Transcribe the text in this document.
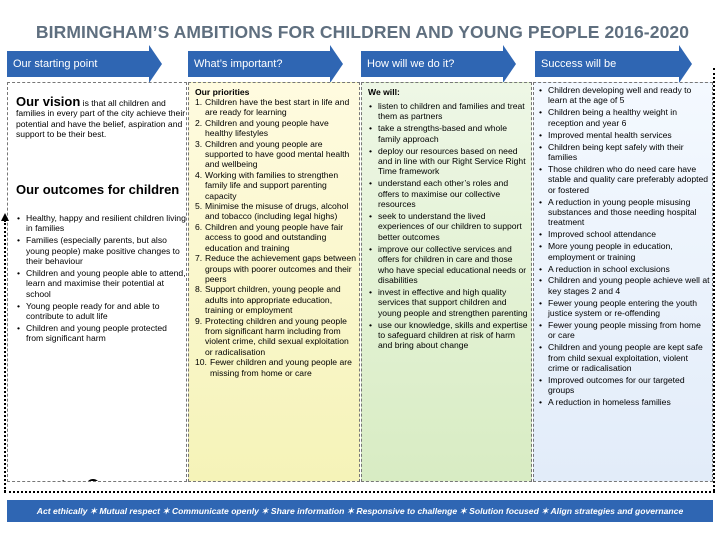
BIRMINGHAM’S AMBITIONS FOR CHILDREN AND YOUNG PEOPLE 2016-2020
Our starting point	What’s important?	How will we do it?	Success will be
Our vision is that all children and families in every part of the city achieve their potential and have the belief, aspiration and support to be their best.
Our outcomes for children
• Healthy, happy and resilient children living in families
• Families (especially parents, but also young people) make positive changes to their behaviour
• Children and young people able to attend, learn and maximise their potential at school
• Young people ready for and able to contribute to adult life
• Children and young people protected from significant harm
Our priorities
1. Children have the best start in life and are ready for learning
2. Children and young people have healthy lifestyles
3. Children and young people are supported to have good mental health and wellbeing
4. Working with families to strengthen family life and support parenting capacity
5. Minimise the misuse of drugs, alcohol and tobacco (including legal highs)
6. Children and young people have fair access to good and outstanding education and training
7. Reduce the achievement gaps between groups with poorer outcomes and their peers
8. Support children, young people and adults into appropriate education, training or employment
9. Protecting children and young people from significant harm including from violent crime, child sexual exploitation or radicalisation
10. Fewer children and young people are missing from home or care
We will:
• listen to children and families and treat them as partners
• take a strengths-based and whole family approach
• deploy our resources based on need and in line with our Right Service Right Time framework
• understand each other’s roles and offers to maximise our collective resources
• seek to understand the lived experiences of our children to support better outcomes
• improve our collective services and offers for children in care and those who have special educational needs or disabilities
• invest in effective and high quality services that support children and young people and strengthen parenting
• use our knowledge, skills and expertise to safeguard children at risk of harm and bring about change
• Children developing well and ready to learn at the age of 5
• Children being a healthy weight in reception and year 6
• Improved mental health services
• Children being kept safely with their families
• Those children who do need care have stable and quality care preferably adopted or fostered
• A reduction in young people misusing substances and those needing hospital treatment
• Improved school attendance
• More young people in education, employment or training
• A reduction in school exclusions
• Children and young people achieve well at key stages 2 and 4
• Fewer young people entering the youth justice system or re-offending
• Fewer young people missing from home or care
• Children and young people are kept safe from child sexual exploitation, violent crime or radicalisation
• Improved outcomes for our targeted groups
• A reduction in homeless families
Act ethically ✶ Mutual respect ✶ Communicate openly ✶ Share information ✶ Responsive to challenge ✶ Solution focused ✶ Align strategies and governance
